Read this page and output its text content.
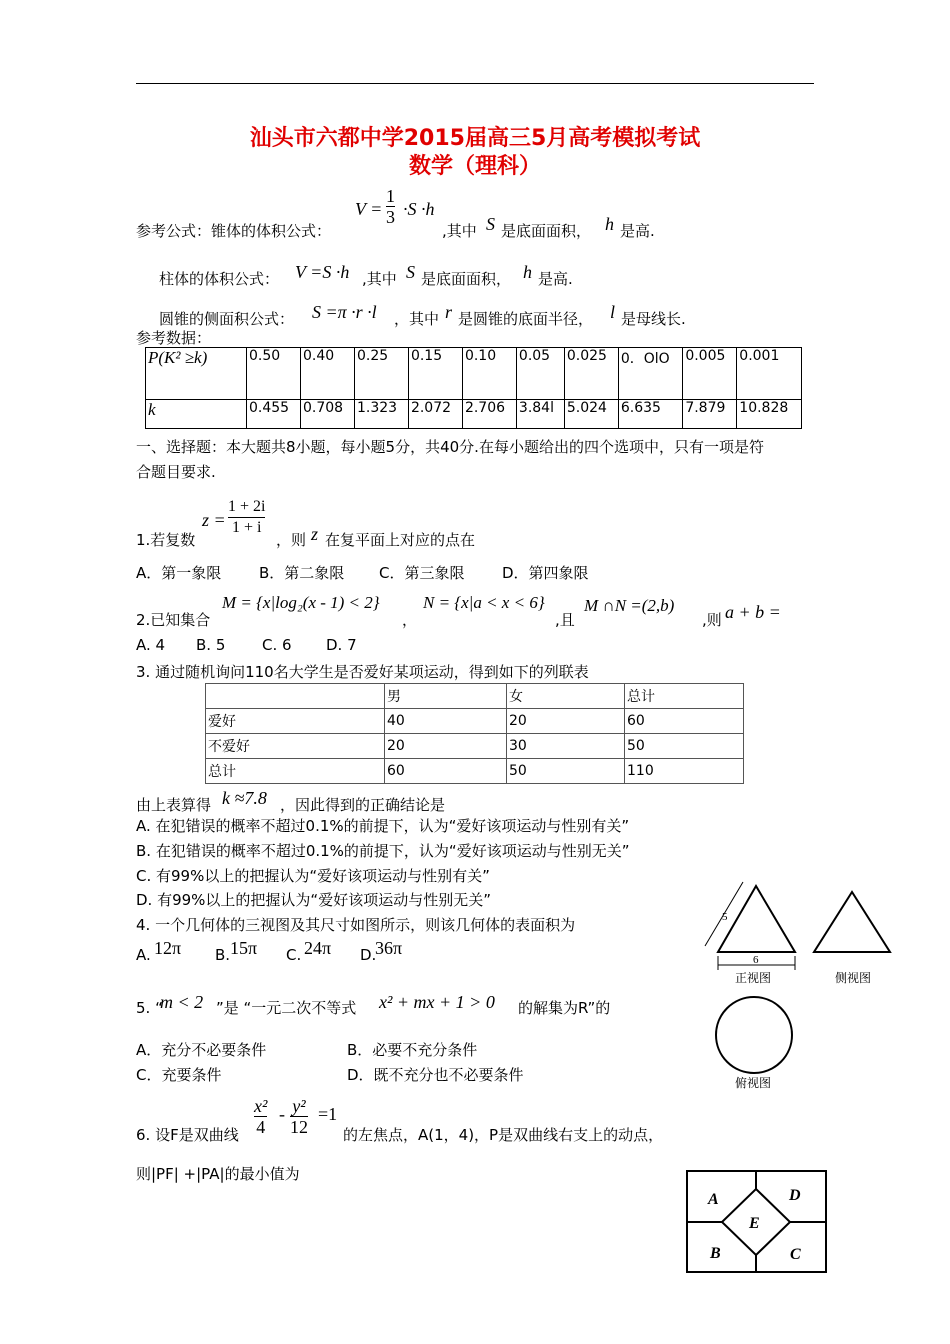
汕头市六都中学2015届高三5月高考模拟考试
数学（理科）
参考公式：锥体的体积公式：
$V = \frac{1}{3} \cdot S \cdot h$
,其中 S 是底面面积， h 是高.
柱体的体积公式： V =S ·h ,其中 S 是底面面积， h 是高.
圆锥的侧面积公式： S =π ·r ·l ，其中 r 是圆锥的底面半径， l 是母线长.
参考数据：
P(K² ≥k)	0.50	0.40	0.25	0.15	0.10	0.05	0.025	0．OlO	0.005	0.001
k	0.455	0.708	1.323	2.072	2.706	3.84l	5.024	6.635	7.879	10.828
一、选择题：本大题共8小题，每小题5分，共40分.在每小题给出的四个选项中，只有一项是符
合题目要求.
$z = \frac{1 + 2i}{1 + i}$
1.若复数	，则 z 在复平面上对应的点在
A．第一象限	B．第二象限 C．第三象限	D．第四象限
2.已知集合
M = {x|log₂(x - 1) < 2}
，
N = {x|a < x < 6}
,且
M ∩N =(2,b)
,则 a + b =
A. 4 B. 5 C. 6 D. 7
3. 通过随机询问110名大学生是否爱好某项运动，得到如下的列联表
	男	女	总计
爱好	40	20	60
不爱好	20	30	50
总计	60	50	110
由上表算得 k ≈7.8 ，因此得到的正确结论是
A. 在犯错误的概率不超过0.1%的前提下，认为“爱好该项运动与性别有关”
B. 在犯错误的概率不超过0.1%的前提下，认为“爱好该项运动与性别无关”
C. 有99%以上的把握认为“爱好该项运动与性别有关”
D. 有99%以上的把握认为“爱好该项运动与性别无关”
4. 一个几何体的三视图及其尺寸如图所示，则该几何体的表面积为
A. 12π B. 15π C. 24π D.
36π
5
6
正视图	侧视图
俯视图
5. “
m < 2 ”是 “一元二次不等式 x² + mx + 1 > 0 的解集为R”的
A．充分不必要条件	B．必要不充分条件
C．充要条件	D．既不充分也不必要条件
6. 设F是双曲线 $\frac{\text{x²}}{4} - \frac{\text{y²}}{12} =1$
的左焦点，A(1，4)，P是双曲线右支上的动点，
则|PF| +|PA|的最小值为
A	D
E
B	C
